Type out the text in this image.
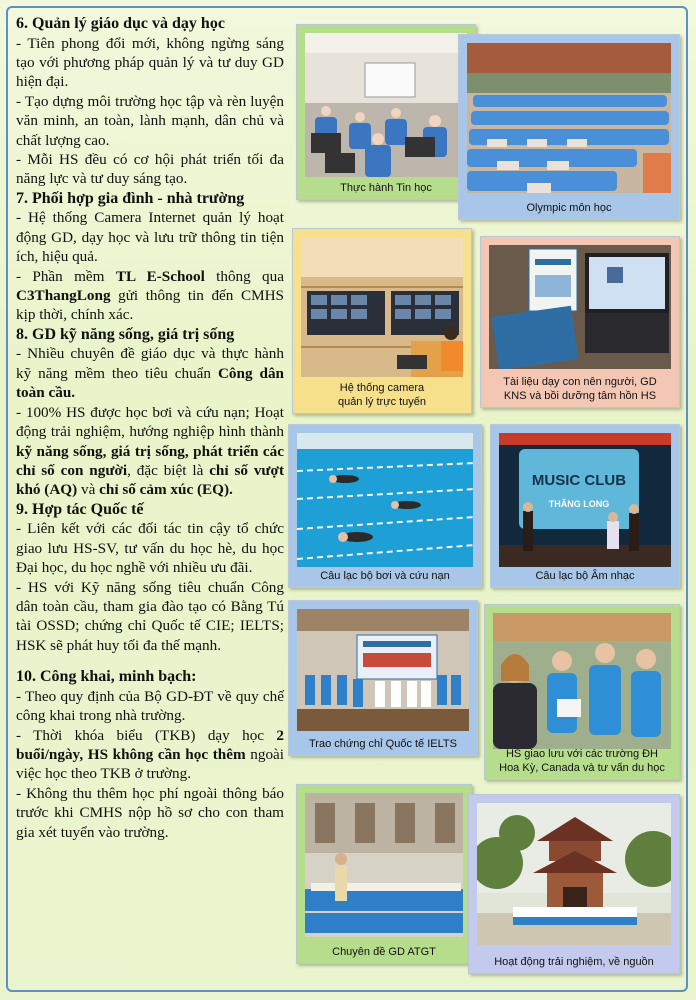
6. Quản lý giáo dục và dạy học

- Tiên phong đổi mới, không ngừng sáng tạo với phương pháp quản lý và tư duy GD hiện đại.

- Tạo dựng môi trường học tập và rèn luyện văn minh, an toàn, lành mạnh, dân chủ và chất lượng cao.

- Mỗi HS đều có cơ hội phát triển tối đa năng lực và tư duy sáng tạo.

7. Phối hợp gia đình - nhà trường

- Hệ thống Camera Internet quản lý hoạt động GD, dạy học và lưu trữ thông tin tiện ích, hiệu quả.

- Phần mềm TL E-School thông qua C3ThangLong gửi thông tin đến CMHS kịp thời, chính xác.

8. GD kỹ năng sống, giá trị sống

- Nhiều chuyên đề giáo dục và thực hành kỹ năng mềm theo tiêu chuẩn Công dân toàn cầu.

- 100% HS được học bơi và cứu nạn; Hoạt động trải nghiệm, hướng nghiệp hình thành kỹ năng sống, giá trị sống, phát triển các chỉ số con người, đặc biệt là chỉ số vượt khó (AQ) và chỉ số cảm xúc (EQ).

9. Hợp tác Quốc tế

- Liên kết với các đối tác tin cậy tổ chức giao lưu HS-SV, tư vấn du học hè, du học Đại học, du học nghề với nhiều ưu đãi.

- HS với Kỹ năng sống tiêu chuẩn Công dân toàn cầu, tham gia đào tạo có Bằng Tú tài OSSD; chứng chỉ Quốc tế CIE; IELTS; HSK sẽ phát huy tối đa thế mạnh.

10. Công khai, minh bạch:

- Theo quy định của Bộ GD-ĐT về quy chế công khai trong nhà trường.

- Thời khóa biểu (TKB) dạy học 2 buổi/ngày, HS không cần học thêm ngoài việc học theo TKB ở trường.

- Không thu thêm học phí ngoài thông báo trước khi CMHS nộp hồ sơ cho con tham gia xét tuyển vào trường.

Thực hành Tin học
Olympic môn học
Hệ thống camera
quản lý trực tuyến
Tài liệu dạy con nên người, GD
KNS và bồi dưỡng tâm hồn HS
Câu lạc bộ bơi và cứu nạn
MUSIC CLUB
THĂNG LONG
Câu lạc bộ Âm nhạc
Trao chứng chỉ Quốc tế IELTS
HS giao lưu với các trường ĐH
Hoa Kỳ, Canada và tư vấn du học
Chuyên đề GD ATGT
Hoạt động trải nghiệm, về nguồn
